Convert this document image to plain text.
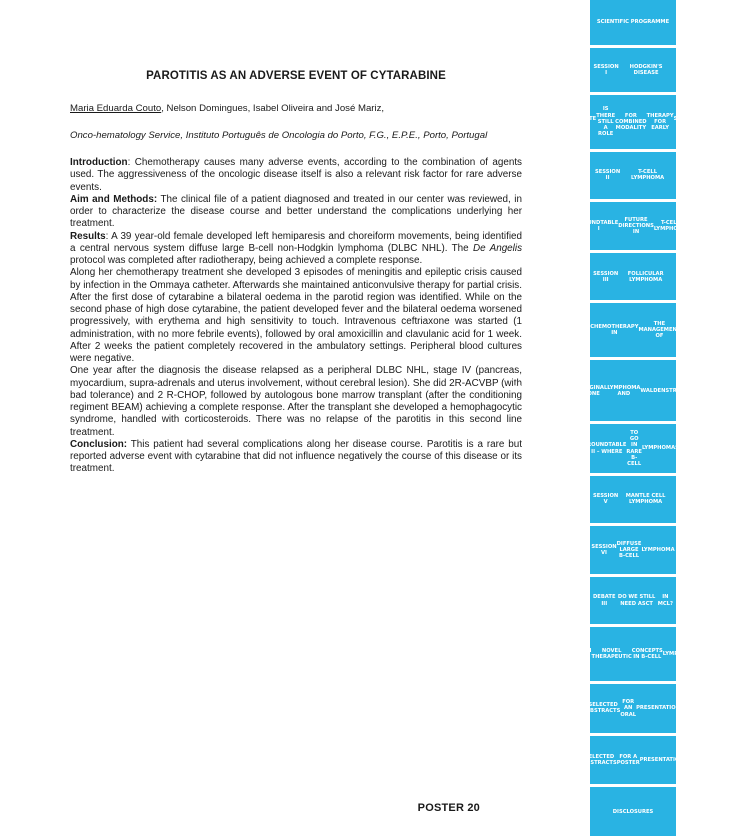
PAROTITIS AS AN ADVERSE EVENT OF CYTARABINE
Maria Eduarda Couto, Nelson Domingues, Isabel Oliveira and José Mariz,
Onco-hematology Service, Instituto Português de Oncologia do Porto, F.G., E.P.E., Porto, Portugal

Introduction: Chemotherapy causes many adverse events, according to the combination of agents used. The aggressiveness of the oncologic disease itself is also a relevant risk factor for rare adverse events.

Aim and Methods: The clinical file of a patient diagnosed and treated in our center was reviewed, in order to characterize the disease course and better understand the complications underlying her treatment.

Results: A 39 year-old female developed left hemiparesis and choreiform movements, being identified a central nervous system diffuse large B-cell non-Hodgkin lymphoma (DLBC NHL). The De Angelis protocol was completed after radiotherapy, being achieved a complete response.

Along her chemotherapy treatment she developed 3 episodes of meningitis and epileptic crisis caused by infection in the Ommaya catheter. Afterwards she maintained anticonvulsive therapy for partial crisis. After the first dose of cytarabine a bilateral oedema in the parotid region was identified. While on the second phase of high dose cytarabine, the patient developed fever and the bilateral oedema worsened progressively, with erythema and high sensitivity to touch. Intravenous ceftriaxone was started (1 administration, with no more febrile events), followed by oral amoxicillin and clavulanic acid for 1 week. After 2 weeks the patient completely recovered in the ambulatory settings. Peripheral blood cultures were negative.

One year after the diagnosis the disease relapsed as a peripheral DLBC NHL, stage IV (pancreas, myocardium, supra-adrenals and uterus involvement, without cerebral lesion). She did 2R-ACVBP (with bad tolerance) and 2 R-CHOP, followed by autologous bone marrow transplant (after the conditioning regiment BEAM) achieving a complete response. After the transplant she developed a hemophagocytic syndrome, handled with corticosteroids. There was no relapse of the parotitis in this second line treatment.

Conclusion: This patient had several complications along her disease course. Parotitis is a rare but reported adverse event with cytarabine that did not influence negatively the course of this disease or its treatment.

POSTER 20
SCIENTIFIC PROGRAMME
SESSION I
HODGKIN'S DISEASE
DEBATE I
IS THERE STILL A ROLE
FOR COMBINED MODALITY
THERAPY FOR EARLY
STAGE CHL?
SESSION II
T-CELL LYMPHOMA
ROUNDTABLE I
FUTURE DIRECTIONS IN
T-CELL LYMPHOMA
SESSION III
FOLLICULAR LYMPHOMA
DEBATE II
CAN WE AVOID
CHEMOTHERAPY IN
THE MANAGEMENT OF
FOLLICULAR LYMPHOMA?
SESSION IV
RARE LYMPHOMAS –
MARGINAL ZONE
LYMPHOMA AND
WALDENSTRÖM MACROGLOBULINEMIA
ROUNDTABLE II – WHERE
TO GO IN RARE B-CELL
LYMPHOMAS
SESSION V
MANTLE CELL LYMPHOMA
SESSION VI
DIFFUSE LARGE B-CELL
LYMPHOMA
DEBATE III
DO WE STILL NEED ASCT
IN MCL?
SESSION VII
NOVEL THERAPEUTIC
CONCEPTS IN B-CELL
LYMPHOMAS
SELECTED ABSTRACTS
FOR AN ORAL
PRESENTATION
SELECTED ABSTRACTS
FOR A POSTER
PRESENTATION
DISCLOSURES
